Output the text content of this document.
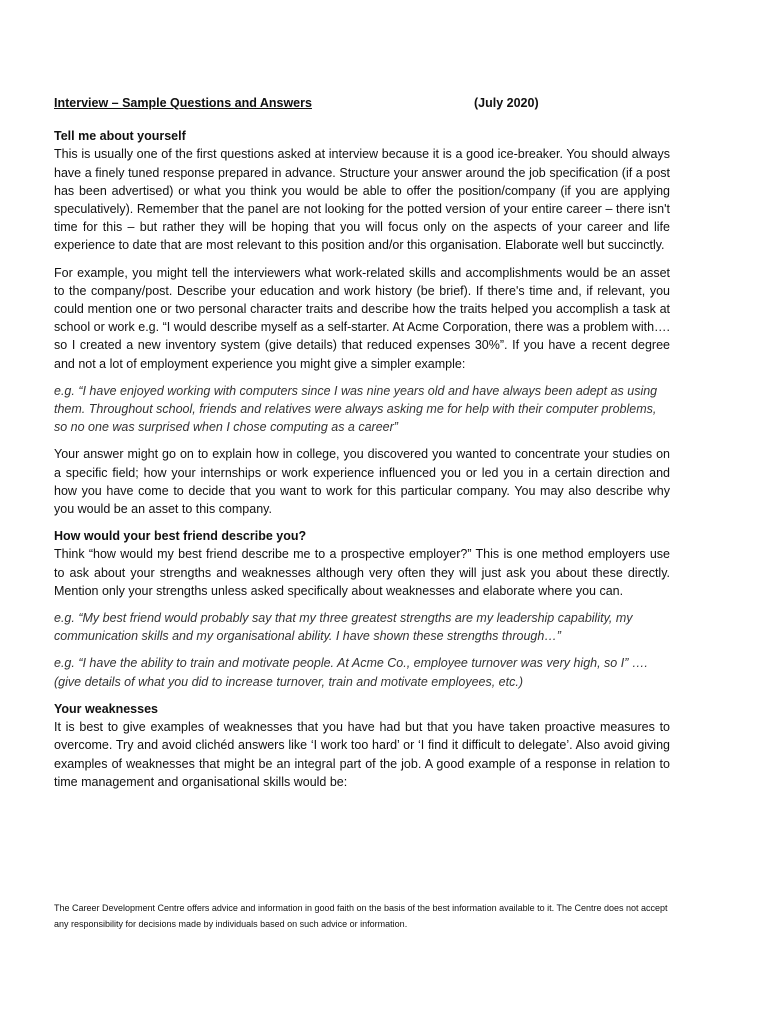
Interview – Sample Questions and Answers	(July 2020)
Tell me about yourself

This is usually one of the first questions asked at interview because it is a good ice-breaker. You should always have a finely tuned response prepared in advance. Structure your answer around the job specification (if a post has been advertised) or what you think you would be able to offer the position/company (if you are applying speculatively). Remember that the panel are not looking for the potted version of your entire career – there isn't time for this – but rather they will be hoping that you will focus only on the aspects of your career and life experience to date that are most relevant to this position and/or this organisation. Elaborate well but succinctly.

For example, you might tell the interviewers what work-related skills and accomplishments would be an asset to the company/post. Describe your education and work history (be brief). If there's time and, if relevant, you could mention one or two personal character traits and describe how the traits helped you accomplish a task at school or work e.g. “I would describe myself as a self-starter. At Acme Corporation, there was a problem with…. so I created a new inventory system (give details) that reduced expenses 30%”. If you have a recent degree and not a lot of employment experience you might give a simpler example:

e.g. “I have enjoyed working with computers since I was nine years old and have always been adept as using them. Throughout school, friends and relatives were always asking me for help with their computer problems, so no one was surprised when I chose computing as a career”

Your answer might go on to explain how in college, you discovered you wanted to concentrate your studies on a specific field; how your internships or work experience influenced you or led you in a certain direction and how you have come to decide that you want to work for this particular company. You may also describe why you would be an asset to this company.

How would your best friend describe you?

Think “how would my best friend describe me to a prospective employer?” This is one method employers use to ask about your strengths and weaknesses although very often they will just ask you about these directly. Mention only your strengths unless asked specifically about weaknesses and elaborate where you can.

e.g. “My best friend would probably say that my three greatest strengths are my leadership capability, my communication skills and my organisational ability. I have shown these strengths through…”

e.g. “I have the ability to train and motivate people. At Acme Co., employee turnover was very high, so I” …. (give details of what you did to increase turnover, train and motivate employees, etc.)

Your weaknesses

It is best to give examples of weaknesses that you have had but that you have taken proactive measures to overcome. Try and avoid clichéd answers like ‘I work too hard’ or ‘I find it difficult to delegate’. Also avoid giving examples of weaknesses that might be an integral part of the job. A good example of a response in relation to time management and organisational skills would be:

The Career Development Centre offers advice and information in good faith on the basis of the best information available to it. The Centre does not accept any responsibility for decisions made by individuals based on such advice or information.
